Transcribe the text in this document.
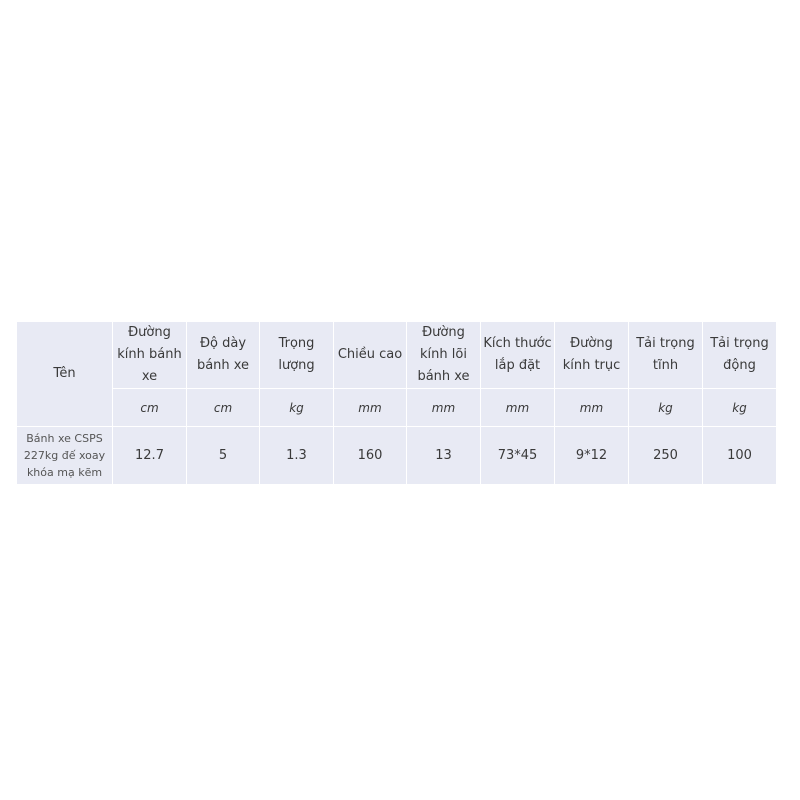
Tên	Đường kính bánh xe	Độ dày bánh xe	Trọng lượng	Chiều cao	Đường kính lõi bánh xe	Kích thước lắp đặt	Đường kính trục	Tải trọng tĩnh	Tải trọng động
	cm	cm	kg	mm	mm	mm	mm	kg	kg
Bánh xe CSPS 227kg đế xoay khóa mạ kẽm	12.7	5	1.3	160	13	73*45	9*12	250	100
